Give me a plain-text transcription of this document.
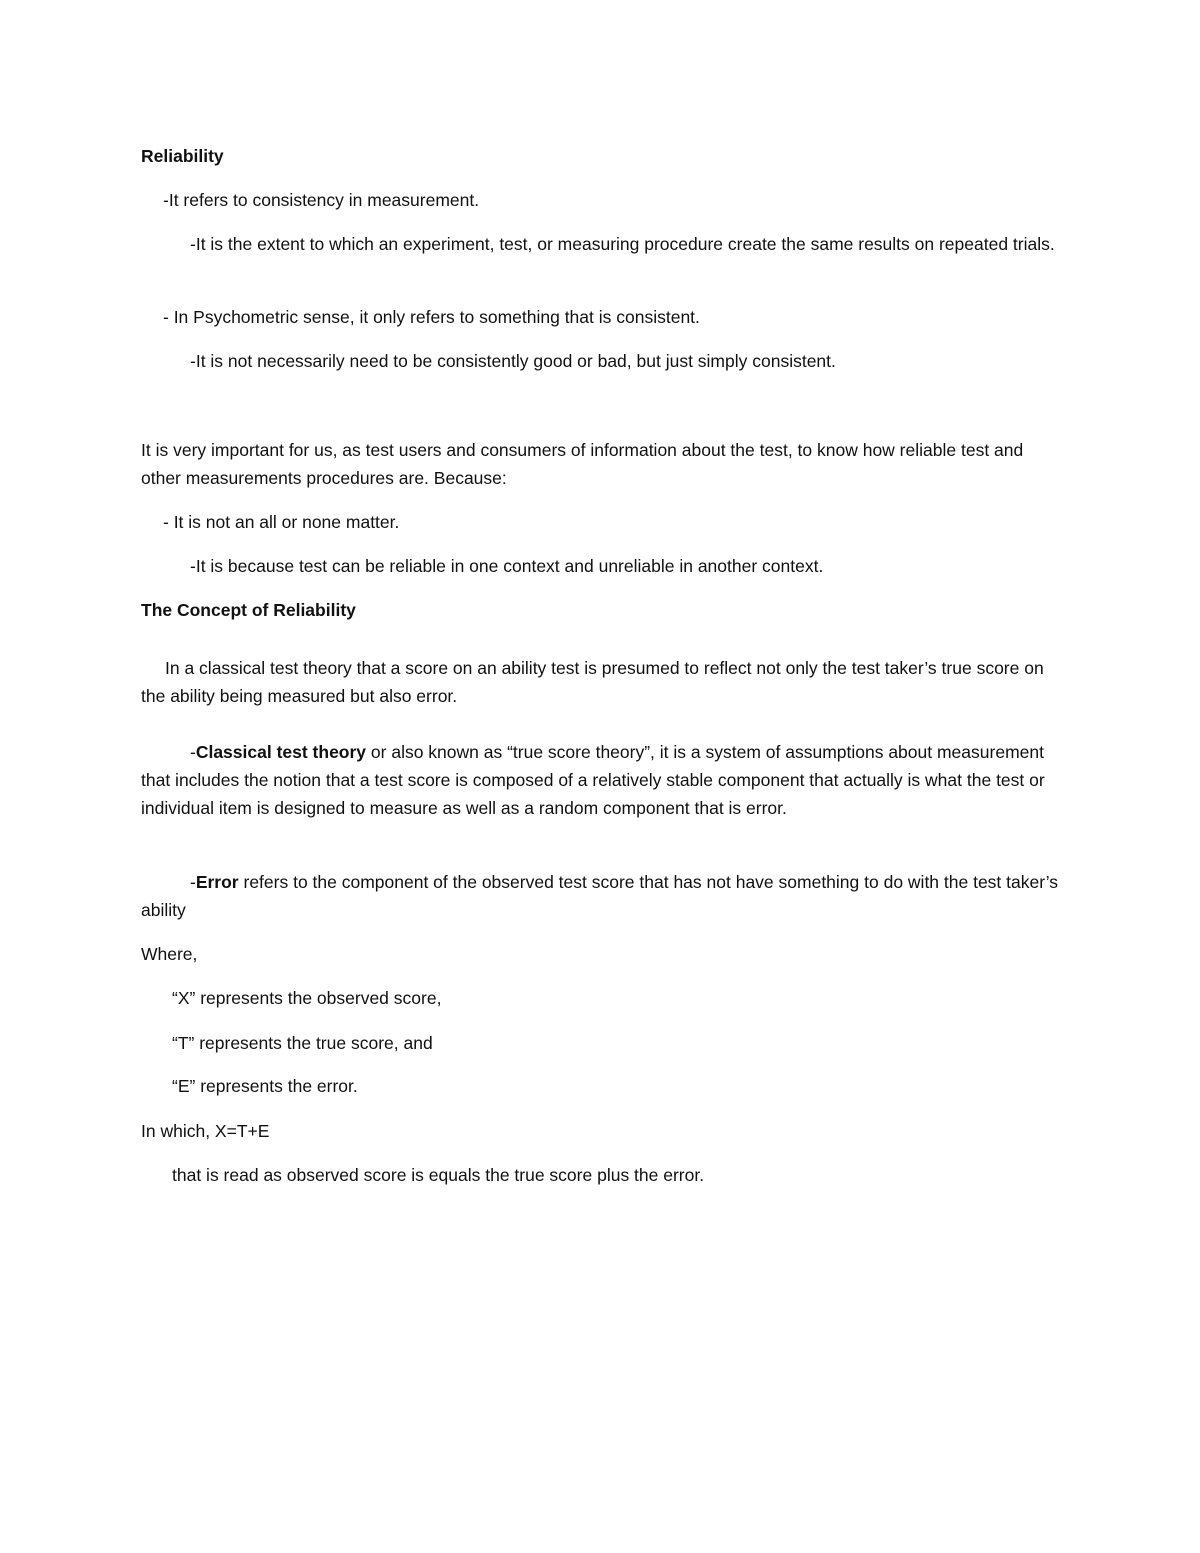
Reliability

-It refers to consistency in measurement.

-It is the extent to which an experiment, test, or measuring procedure create the same results on repeated trials.

- In Psychometric sense, it only refers to something that is consistent.

-It is not necessarily need to be consistently good or bad, but just simply consistent.

It is very important for us, as test users and consumers of information about the test, to know how reliable test and other measurements procedures are. Because:

- It is not an all or none matter.

-It is because test can be reliable in one context and unreliable in another context.

The Concept of Reliability

In a classical test theory that a score on an ability test is presumed to reflect not only the test taker’s true score on the ability being measured but also error.

-Classical test theory or also known as “true score theory”, it is a system of assumptions about measurement that includes the notion that a test score is composed of a relatively stable component that actually is what the test or individual item is designed to measure as well as a random component that is error.

-Error refers to the component of the observed test score that has not have something to do with the test taker’s ability

Where,

“X” represents the observed score,

“T” represents the true score, and

“E” represents the error.

In which, X=T+E

that is read as observed score is equals the true score plus the error.
